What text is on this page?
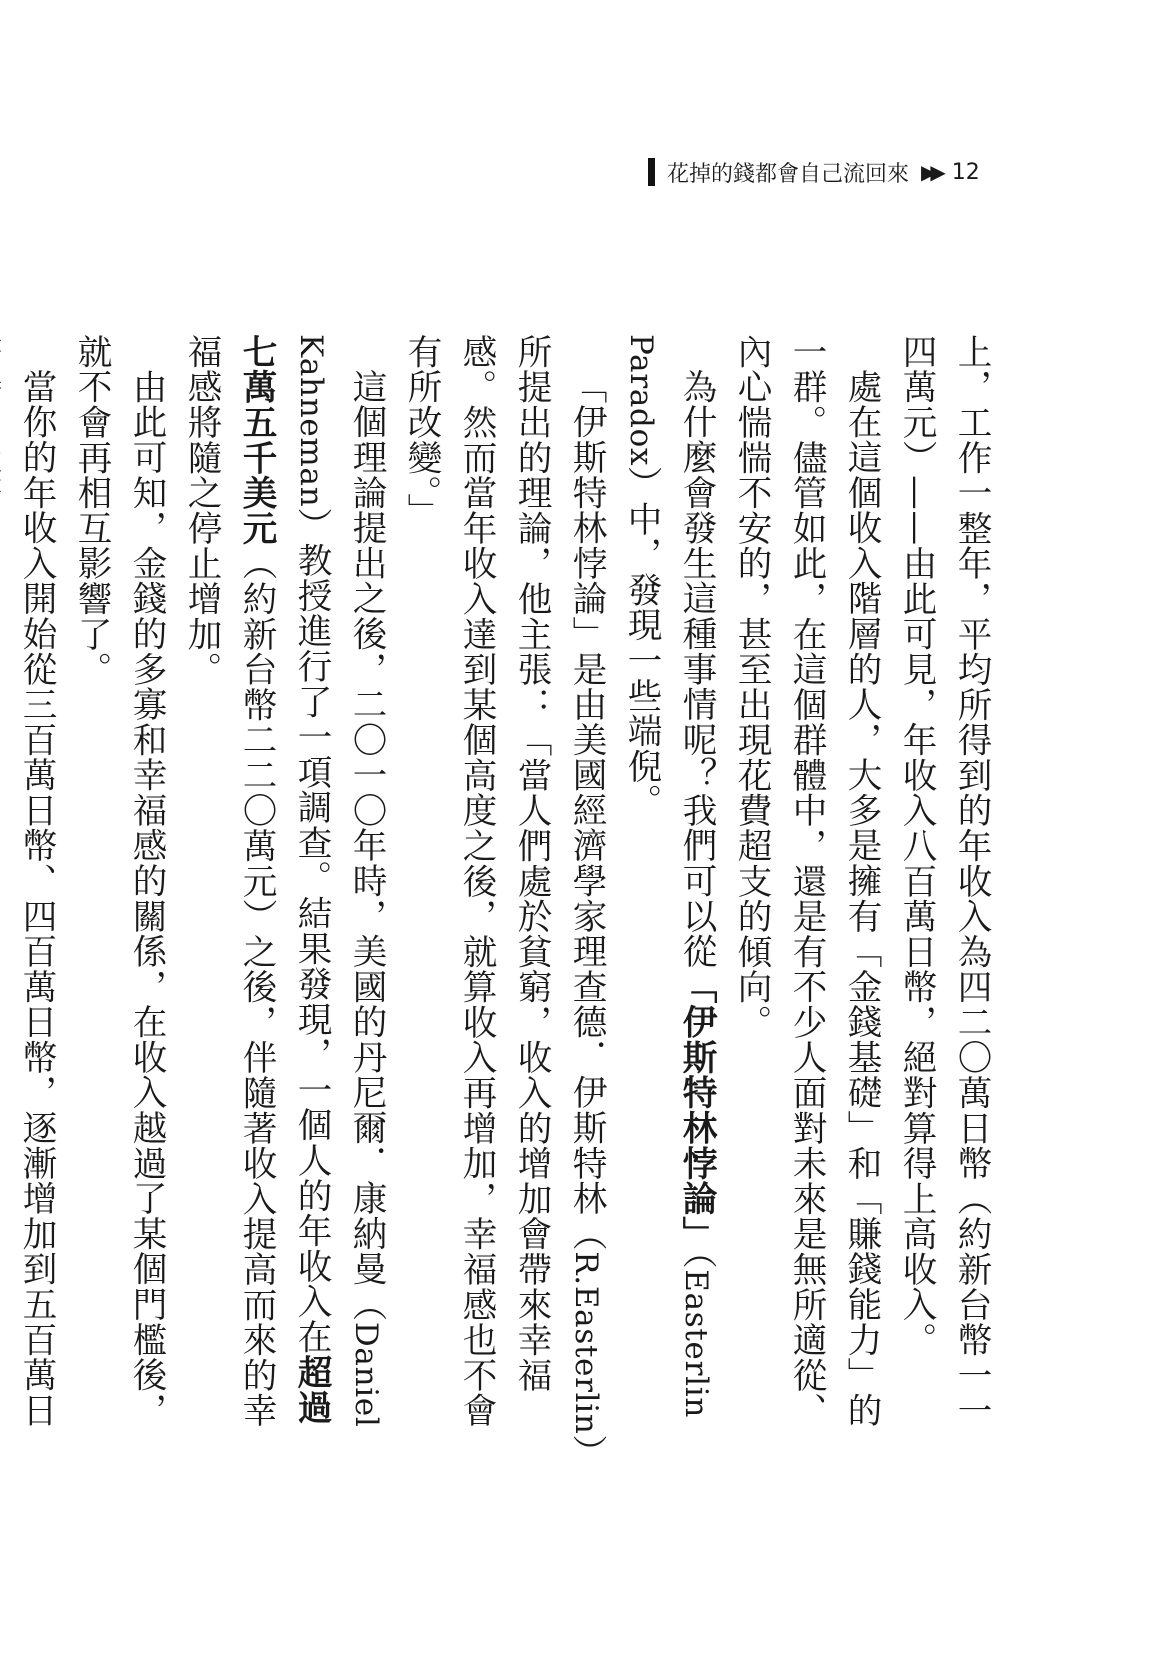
花掉的錢都會自己流回來 ▶▶ 12

上，工作一整年，平均所得到的年收入為四二〇萬日幣（約新台幣一一四萬元）——由此可見，年收入八百萬日幣，絕對算得上高收入。

處在這個收入階層的人，大多是擁有「金錢基礎」和「賺錢能力」的一群。儘管如此，在這個群體中，還是有不少人面對未來是無所適從、內心惴惴不安的，甚至出現花費超支的傾向。

為什麼會發生這種事情呢？我們可以從「伊斯特林悖論」（Easterlin Paradox）中，發現一些端倪。

「伊斯特林悖論」是由美國經濟學家理查德．伊斯特林（R.Easterlin）所提出的理論，他主張：「當人們處於貧窮，收入的增加會帶來幸福感。然而當年收入達到某個高度之後，就算收入再增加，幸福感也不會有所改變。」

這個理論提出之後，二〇一〇年時，美國的丹尼爾．康納曼（Daniel Kahneman）教授進行了一項調查。結果發現，一個人的年收入在超過七萬五千美元（約新台幣二二〇萬元）之後，伴隨著收入提高而來的幸福感將隨之停止增加。

由此可知，金錢的多寡和幸福感的關係，在收入越過了某個門檻後，就不會再相互影響了。

當你的年收入開始從三百萬日幣、四百萬日幣，逐漸增加到五百萬日
